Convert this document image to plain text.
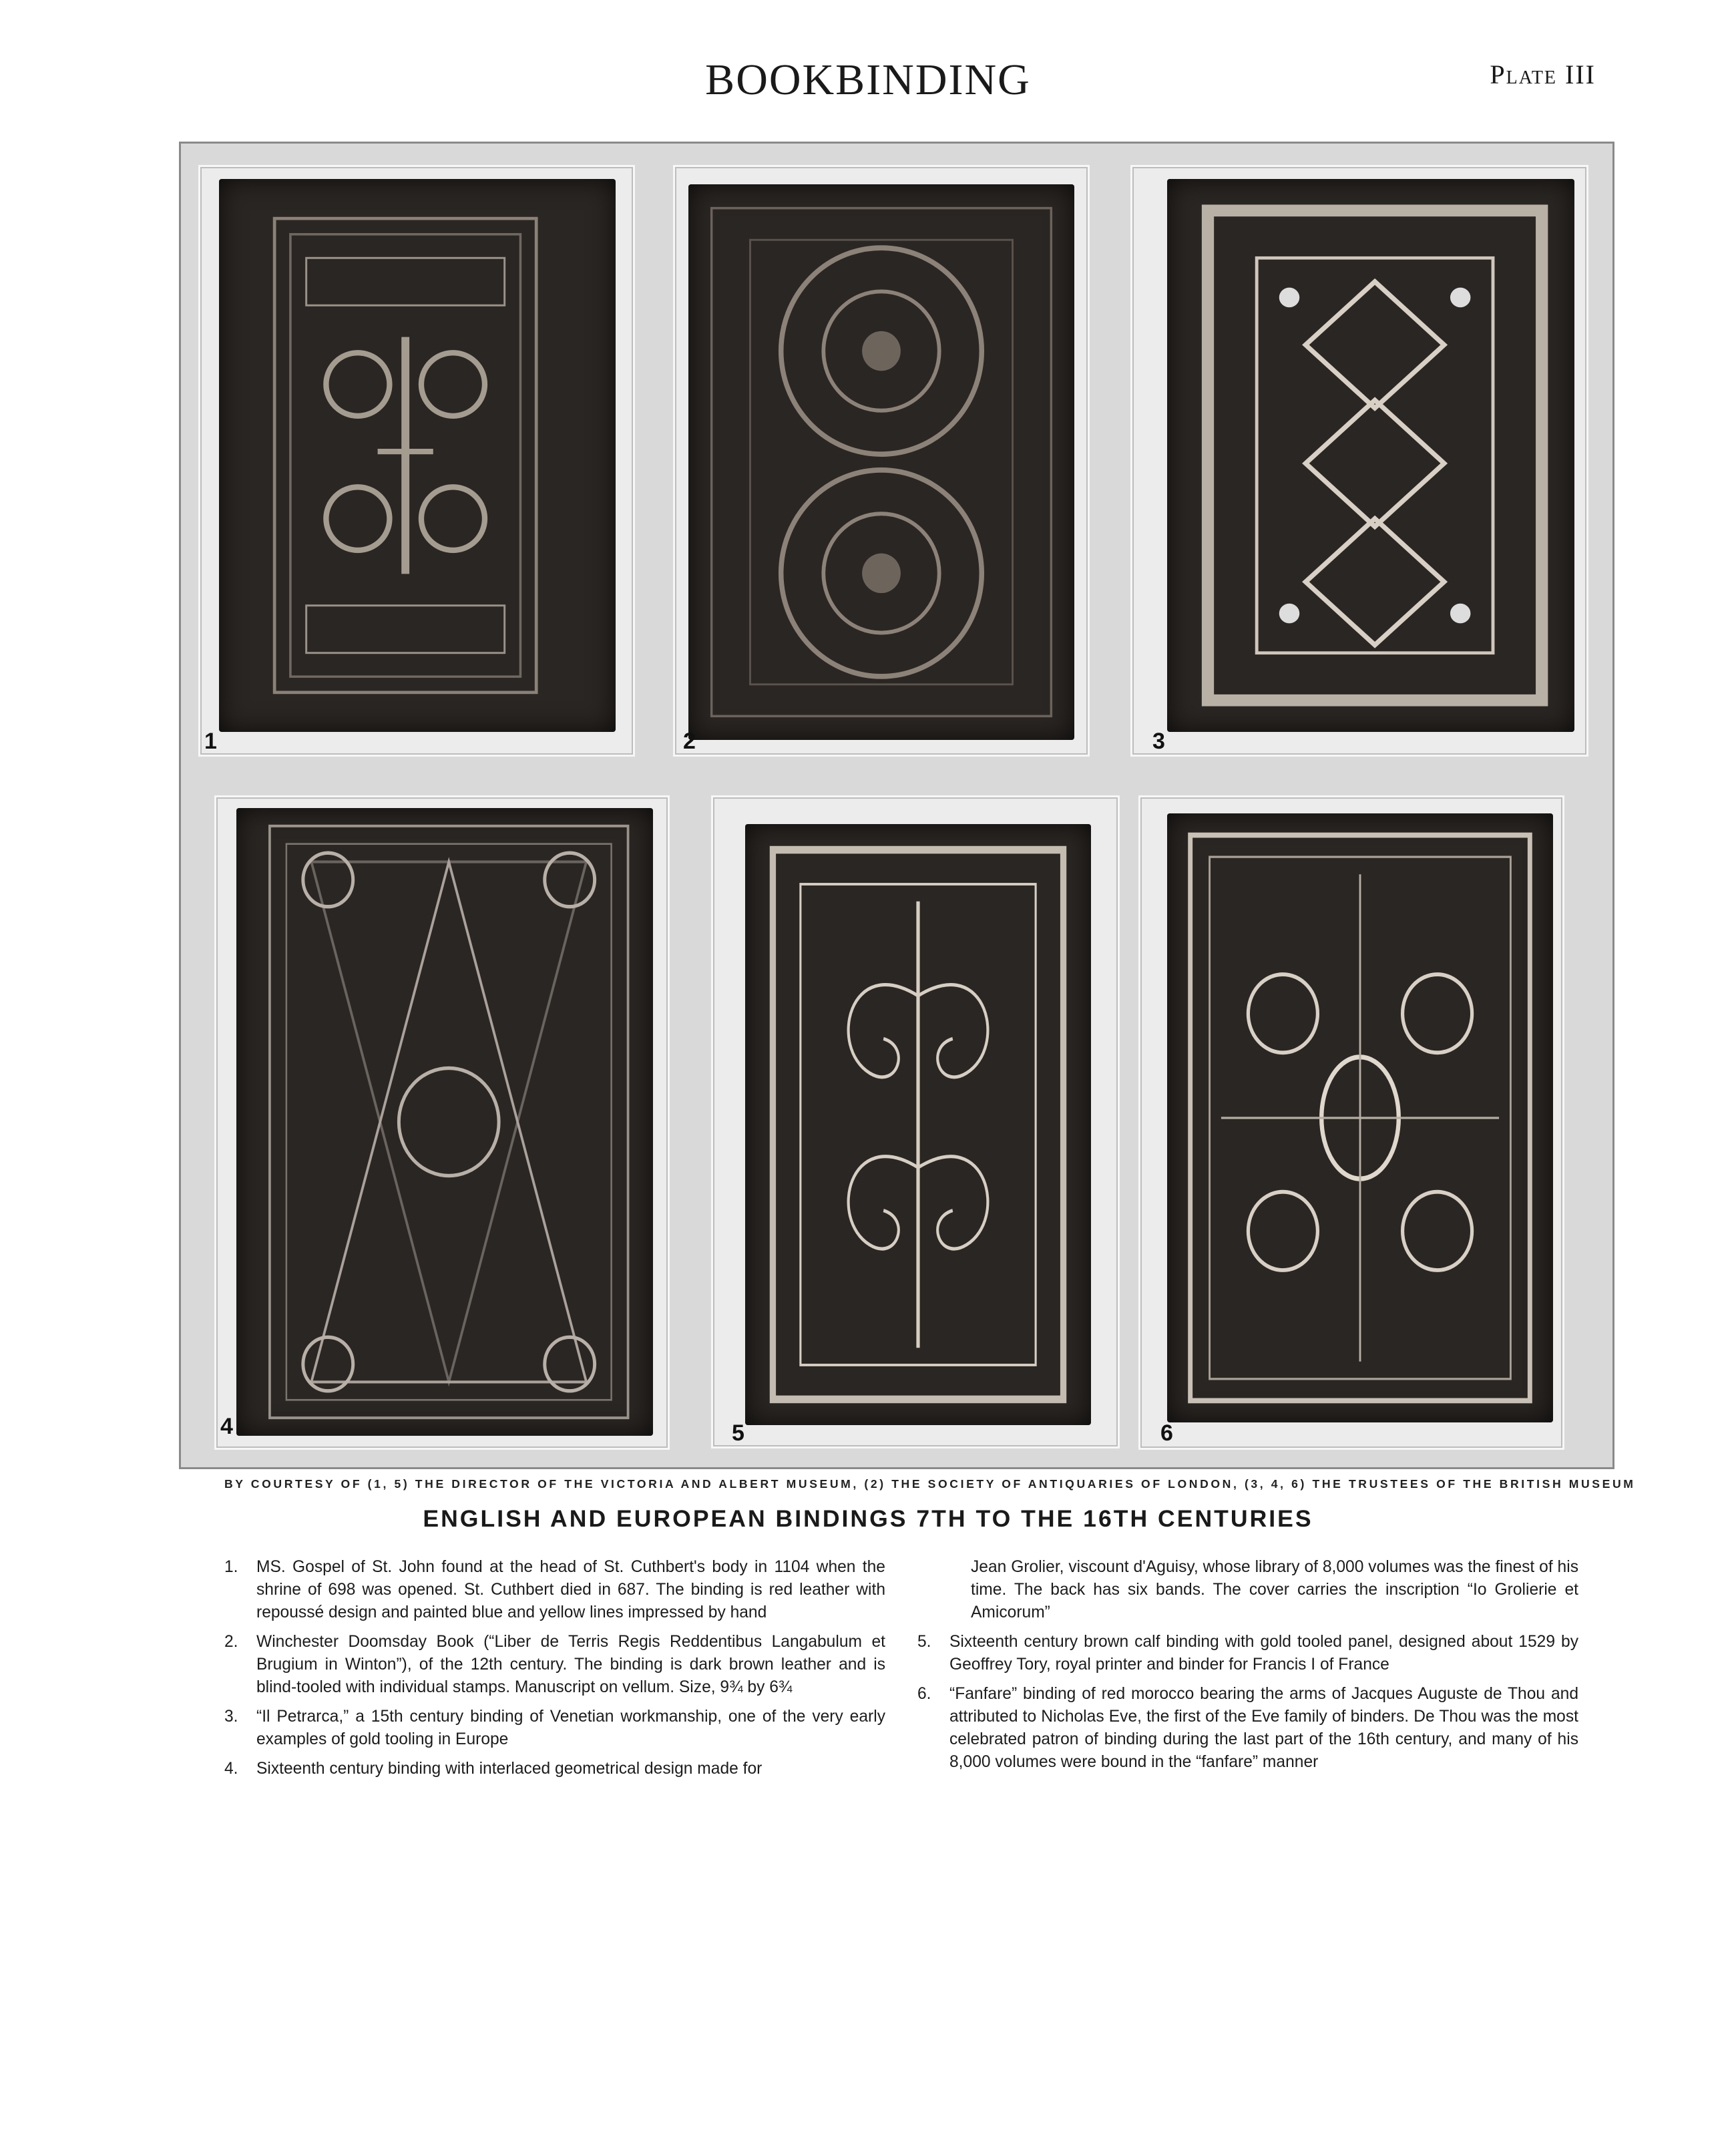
BOOKBINDING	Plate III
1	2	3
4	5	6
BY COURTESY OF (1, 5) THE DIRECTOR OF THE VICTORIA AND ALBERT MUSEUM, (2) THE SOCIETY OF ANTIQUARIES OF LONDON, (3, 4, 6) THE TRUSTEES OF THE BRITISH MUSEUM
ENGLISH AND EUROPEAN BINDINGS 7TH TO THE 16TH CENTURIES
1. MS. Gospel of St. John found at the head of St. Cuthbert's body in 1104 when the shrine of 698 was opened. St. Cuthbert died in 687. The binding is red leather with repoussé design and painted blue and yellow lines impressed by hand
2. Winchester Doomsday Book (“Liber de Terris Regis Reddentibus Langabulum et Brugium in Winton”), of the 12th century. The binding is dark brown leather and is blind-tooled with individual stamps. Manuscript on vellum. Size, 9¾ by 6¾
3. “Il Petrarca,” a 15th century binding of Venetian workmanship, one of the very early examples of gold tooling in Europe
4. Sixteenth century binding with interlaced geometrical design made for
Jean Grolier, viscount d'Aguisy, whose library of 8,000 volumes was the finest of his time. The back has six bands. The cover carries the inscription “Io Grolierie et Amicorum”
5. Sixteenth century brown calf binding with gold tooled panel, designed about 1529 by Geoffrey Tory, royal printer and binder for Francis I of France
6. “Fanfare” binding of red morocco bearing the arms of Jacques Auguste de Thou and attributed to Nicholas Eve, the first of the Eve family of binders. De Thou was the most celebrated patron of binding during the last part of the 16th century, and many of his 8,000 volumes were bound in the “fanfare” manner
